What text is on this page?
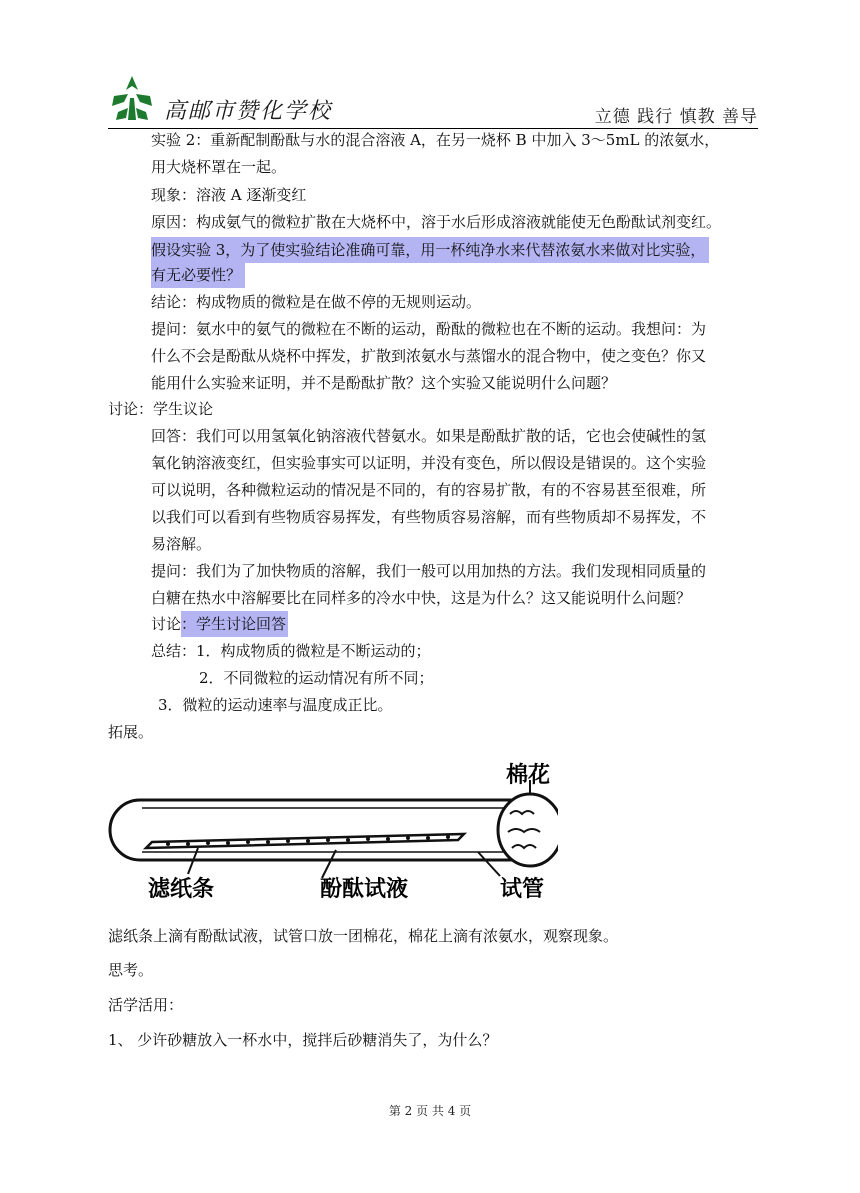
高邮市赞化学校	立德 践行 慎教 善导
实验 2：重新配制酚酞与水的混合溶液 A，在另一烧杯 B 中加入 3～5mL 的浓氨水，
用大烧杯罩在一起。
现象：溶液 A 逐渐变红
原因：构成氨气的微粒扩散在大烧杯中，溶于水后形成溶液就能使无色酚酞试剂变红。
假设实验 3，为了使实验结论准确可靠，用一杯纯净水来代替浓氨水来做对比实验，
有无必要性？
结论：构成物质的微粒是在做不停的无规则运动。
提问：氨水中的氨气的微粒在不断的运动，酚酞的微粒也在不断的运动。我想问：为
什么不会是酚酞从烧杯中挥发，扩散到浓氨水与蒸馏水的混合物中，使之变色？你又
能用什么实验来证明，并不是酚酞扩散？这个实验又能说明什么问题？
讨论：学生议论
回答：我们可以用氢氧化钠溶液代替氨水。如果是酚酞扩散的话，它也会使碱性的氢
氧化钠溶液变红，但实验事实可以证明，并没有变色，所以假设是错误的。这个实验
可以说明，各种微粒运动的情况是不同的，有的容易扩散，有的不容易甚至很难，所
以我们可以看到有些物质容易挥发，有些物质容易溶解，而有些物质却不易挥发，不
易溶解。
提问：我们为了加快物质的溶解，我们一般可以用加热的方法。我们发现相同质量的
白糖在热水中溶解要比在同样多的冷水中快，这是为什么？这又能说明什么问题？
讨论 ：学生讨论回答
总结：1．构成物质的微粒是不断运动的；
2．不同微粒的运动情况有所不同；
3．微粒的运动速率与温度成正比。
拓展。
棉花
滤纸条	酚酞试液	试管
滤纸条上滴有酚酞试液，试管口放一团棉花，棉花上滴有浓氨水，观察现象。
思考。
活学活用：
1、 少许砂糖放入一杯水中，搅拌后砂糖消失了，为什么？
第 2 页 共 4 页
